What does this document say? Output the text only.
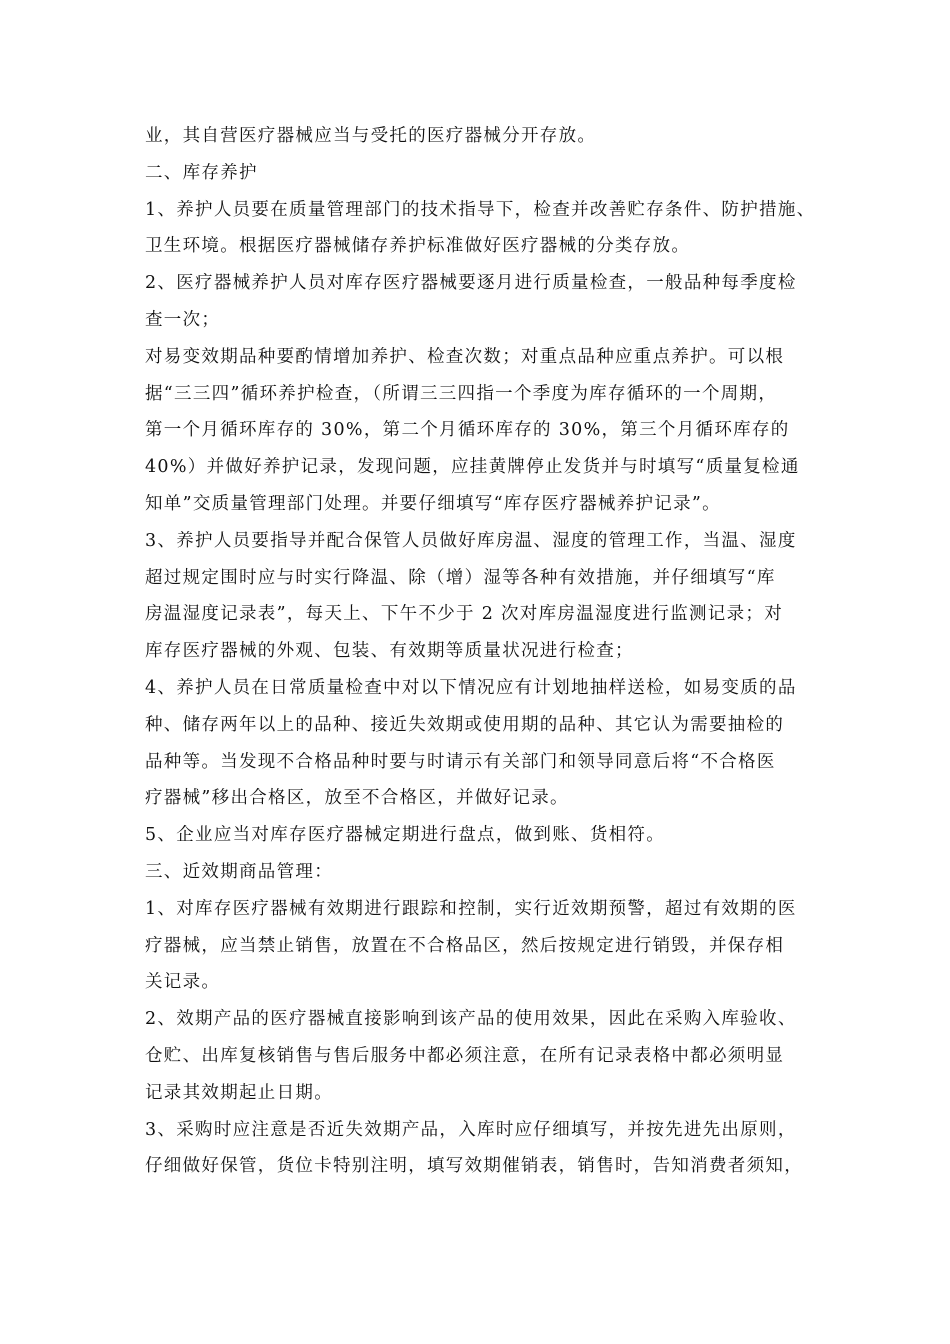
业，其自营医疗器械应当与受托的医疗器械分开存放。
二、库存养护
1、养护人员要在质量管理部门的技术指导下，检查并改善贮存条件、防护措施、
卫生环境。根据医疗器械储存养护标准做好医疗器械的分类存放。
2、医疗器械养护人员对库存医疗器械要逐月进行质量检查，一般品种每季度检
查一次；
对易变效期品种要酌情增加养护、检查次数；对重点品种应重点养护。可以根
据“三三四”循环养护检查，（所谓三三四指一个季度为库存循环的一个周期，
第一个月循环库存的 30%，第二个月循环库存的 30%，第三个月循环库存的
40%）并做好养护记录，发现问题，应挂黄牌停止发货并与时填写“质量复检通
知单”交质量管理部门处理。并要仔细填写“库存医疗器械养护记录”。
3、养护人员要指导并配合保管人员做好库房温、湿度的管理工作，当温、湿度
超过规定围时应与时实行降温、除（增）湿等各种有效措施，并仔细填写“库
房温湿度记录表”，每天上、下午不少于 2 次对库房温湿度进行监测记录；对
库存医疗器械的外观、包装、有效期等质量状况进行检查；
4、养护人员在日常质量检查中对以下情况应有计划地抽样送检，如易变质的品
种、储存两年以上的品种、接近失效期或使用期的品种、其它认为需要抽检的
品种等。当发现不合格品种时要与时请示有关部门和领导同意后将“不合格医
疗器械”移出合格区，放至不合格区，并做好记录。
5、企业应当对库存医疗器械定期进行盘点，做到账、货相符。
三、近效期商品管理：
1、对库存医疗器械有效期进行跟踪和控制，实行近效期预警，超过有效期的医
疗器械，应当禁止销售，放置在不合格品区，然后按规定进行销毁，并保存相
关记录。
2、效期产品的医疗器械直接影响到该产品的使用效果，因此在采购入库验收、
仓贮、出库复核销售与售后服务中都必须注意，在所有记录表格中都必须明显
记录其效期起止日期。
3、采购时应注意是否近失效期产品，入库时应仔细填写，并按先进先出原则，
仔细做好保管，货位卡特别注明，填写效期催销表，销售时，告知消费者须知，
